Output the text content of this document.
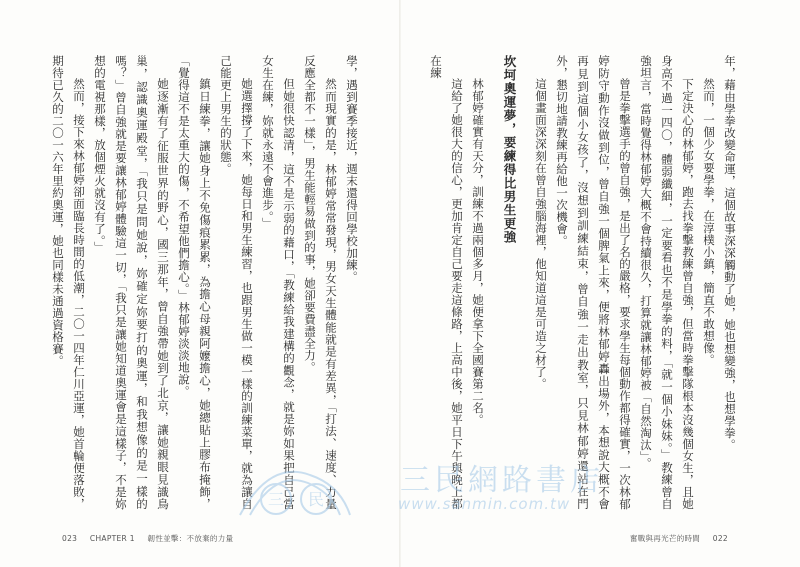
學，遇到賽季接近，週末還得回學校加練。

然而現實的是，林郁婷常常發現，男女天生體能就是有差異，「打法、速度、力量反應全都不一樣」，男生能輕易做到的事，她卻要費盡全力。

但她很快認清，這不是示弱的藉口，「教練給我建構的觀念，就是妳如果把自己當女生在練，妳就永遠不會進步。」

她選擇撐了下來，她每日和男生練習，也跟男生做一模一樣的訓練菜單，就為讓自己能更上男生的狀態。

鎮日練拳，讓她身上不免傷痕累累，為擔心母親阿嬤擔心，她總貼上膠布掩飾，「覺得這不是太重大的傷，不希望他們擔心。」林郁婷淡淡地說。

她逐漸有了征服世界的野心，國三那年，曾自強帶她到了北京，讓她親眼見識鳥巢，認識奧運殿堂，「我只是問她說，妳確定妳要打的奧運，和我想像的是一樣的嗎？」曾自強就是要讓林郁婷體驗這一切，「我只是讓她知道奧運會是這樣子，不是妳想的電視那樣，放個煙火就沒有了。」

然而，接下來林郁婷卻面臨長時間的低潮，二〇一四年仁川亞運，她首輪便落敗，期待已久的二〇一六年里約奧運，她也同樣未通過資格賽。	年，藉由學拳改變命運，這個故事深深觸動了她，她也想變強，也想學拳。

然而，一個少女要學拳，在淳樸小鎮，簡直不敢想像。

下定決心的林郁婷，跑去找拳擊教練曾自強，但當時拳擊隊根本沒幾個女生，且她身高不過一四〇，體弱纖細，一定要看也不是學拳的料，「就一個小妹妹。」教練曾自強坦言，當時覺得林郁婷大概不會持續很久，打算就讓林郁婷被「自然淘汰」。

曾是拳擊選手的曾自強，是出了名的嚴格，要求學生每個動作都得確實，一次林郁婷防守動作沒做到位，曾自強一個脾氣上來，便將林郁婷轟出場外，本想說大概不會再見到這個小女孩了，沒想到訓練結束，曾自強一走出教室，只見林郁婷還站在門外，懇切地請教練再給他一次機會。

這個畫面深深刻在曾自強腦海裡，他知道這是可造之材了。

坎坷奧運夢，要練得比男生更強

林郁婷確實有天分，訓練不過兩個多月，她便拿下全國賽第二名。

這給了她很大的信心，更加肯定自己要走這條路，上高中後，她平日下午與晚上都在練

023 CHAPTER 1 韌性並擊：不放棄的力量	奮戰與再光芒的時間 022
三 民
三民網路書店
www.sanmin.com.tw
